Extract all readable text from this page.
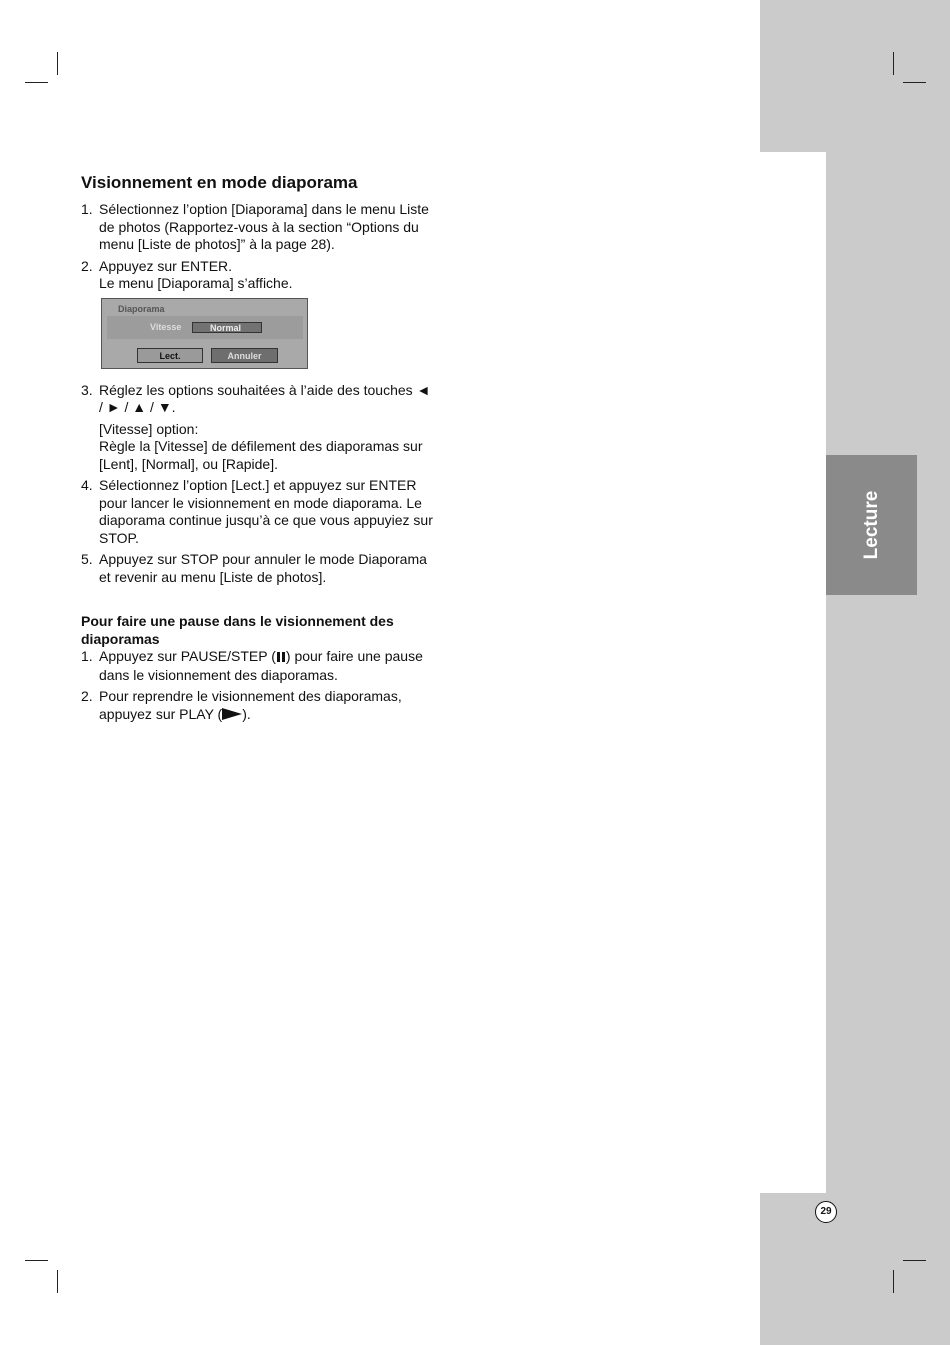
Lecture
29
Visionnement en mode diaporama
1. Sélectionnez l’option [Diaporama] dans le menu Liste de photos (Rapportez-vous à la section “Options du menu [Liste de photos]” à la page 28).
2. Appuyez sur ENTER.
Le menu [Diaporama] s’affiche.
Diaporama
Vitesse	Normal
Lect.	Annuler
3. Réglez les options souhaitées à l’aide des touches ◄ / ► / ▲ / ▼.
[Vitesse] option:
Règle la [Vitesse] de défilement des diaporamas sur [Lent], [Normal], ou [Rapide].
4. Sélectionnez l’option [Lect.] et appuyez sur ENTER pour lancer le visionnement en mode diaporama. Le diaporama continue jusqu’à ce que vous appuyiez sur STOP.
5. Appuyez sur STOP pour annuler le mode Diaporama et revenir au menu [Liste de photos].
Pour faire une pause dans le visionnement des diaporamas
1. Appuyez sur PAUSE/STEP ( ) pour faire une pause dans le visionnement des diaporamas.
2. Pour reprendre le visionnement des diaporamas, appuyez sur PLAY ( ).
